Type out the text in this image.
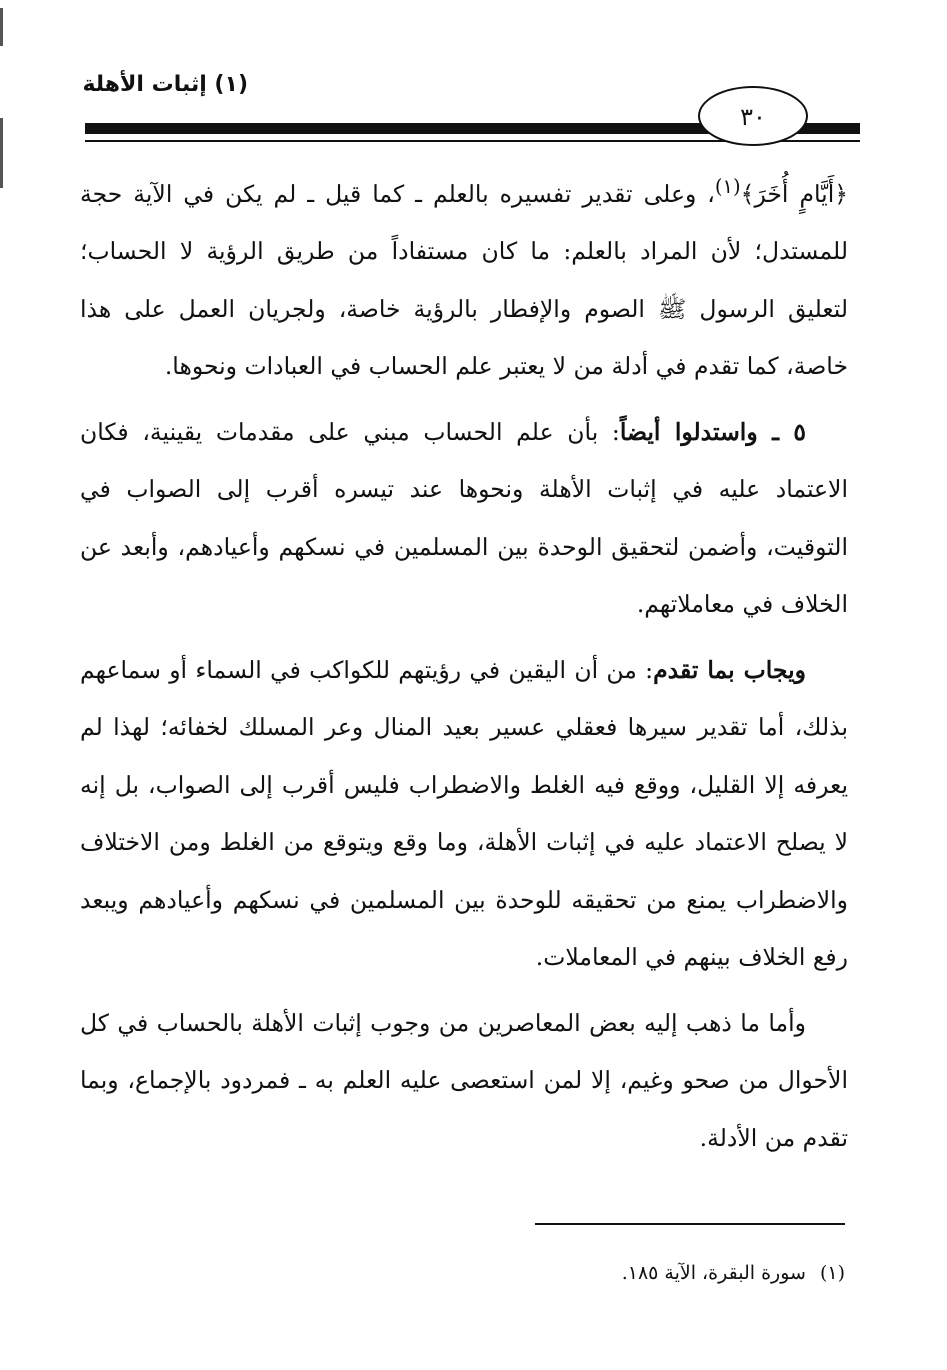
(١) إثبات الأهلة
٣٠

﴿أَيَّامٍ أُخَرَ﴾$^{(١)}$، وعلى تقدير تفسيره بالعلم ـ كما قيل ـ لم يكن في الآية حجة للمستدل؛ لأن المراد بالعلم: ما كان مستفاداً من طريق الرؤية لا الحساب؛ لتعليق الرسول ﷺ الصوم والإفطار بالرؤية خاصة، ولجريان العمل على هذا خاصة، كما تقدم في أدلة من لا يعتبر علم الحساب في العبادات ونحوها.

٥ ـ واستدلوا أيضاً: بأن علم الحساب مبني على مقدمات يقينية، فكان الاعتماد عليه في إثبات الأهلة ونحوها عند تيسره أقرب إلى الصواب في التوقيت، وأضمن لتحقيق الوحدة بين المسلمين في نسكهم وأعيادهم، وأبعد عن الخلاف في معاملاتهم.

ويجاب بما تقدم: من أن اليقين في رؤيتهم للكواكب في السماء أو سماعهم بذلك، أما تقدير سيرها فعقلي عسير بعيد المنال وعر المسلك لخفائه؛ لهذا لم يعرفه إلا القليل، ووقع فيه الغلط والاضطراب فليس أقرب إلى الصواب، بل إنه لا يصلح الاعتماد عليه في إثبات الأهلة، وما وقع ويتوقع من الغلط ومن الاختلاف والاضطراب يمنع من تحقيقه للوحدة بين المسلمين في نسكهم وأعيادهم ويبعد رفع الخلاف بينهم في المعاملات.

وأما ما ذهب إليه بعض المعاصرين من وجوب إثبات الأهلة بالحساب في كل الأحوال من صحو وغيم، إلا لمن استعصى عليه العلم به ـ فمردود بالإجماع، وبما تقدم من الأدلة.

(١)سورة البقرة، الآية ١٨٥.
